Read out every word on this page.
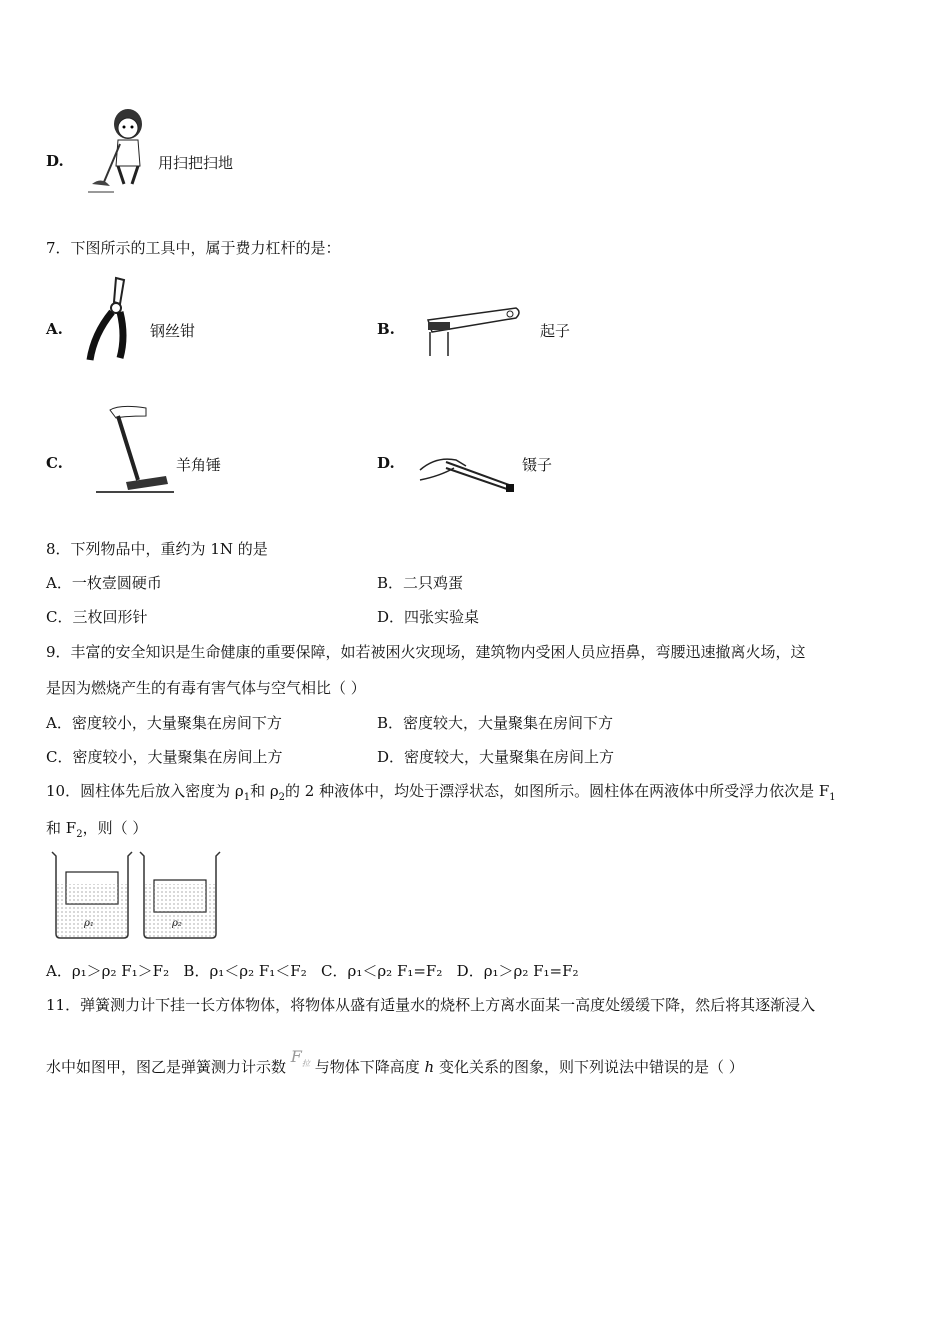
D.	用扫把扫地
7．下图所示的工具中，属于费力杠杆的是：
A.	钢丝钳	B.	起子
C.	羊角锤	D.	镊子
8．下列物品中，重约为 1N 的是
A．一枚壹圆硬币	B．二只鸡蛋
C．三枚回形针	D．四张实验桌
9．丰富的安全知识是生命健康的重要保障，如若被困火灾现场，建筑物内受困人员应捂鼻，弯腰迅速撤离火场，这
是因为燃烧产生的有毒有害气体与空气相比（ ）
A．密度较小，大量聚集在房间下方	B．密度较大，大量聚集在房间下方
C．密度较小，大量聚集在房间上方	D．密度较大，大量聚集在房间上方
10．圆柱体先后放入密度为 $\rho_1$和 $\rho_2$的 2 种液体中，均处于漂浮状态，如图所示。圆柱体在两液体中所受浮力依次是 $F_1$
和 $F_2$，则（ ）
ρ₁	ρ₂
A．ρ₁＞ρ₂ F₁＞F₂ B．ρ₁＜ρ₂ F₁＜F₂ C．ρ₁＜ρ₂ F₁=F₂ D．ρ₁＞ρ₂ F₁=F₂
11．弹簧测力计下挂一长方体物体，将物体从盛有适量水的烧杯上方离水面某一高度处缓缓下降，然后将其逐渐浸入
水中如图甲，图乙是弹簧测力计示数 $F_拉$ 与物体下降高度 h 变化关系的图象，则下列说法中错误的是（ ）
